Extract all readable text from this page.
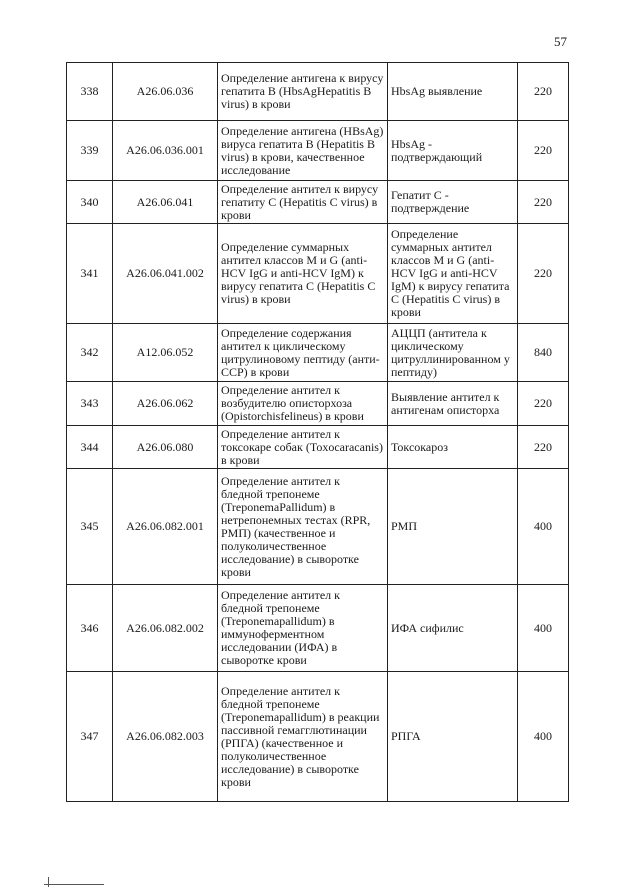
57
338	A26.06.036	Определение антигена к вирусу гепатита B (HbsAgHepatitis B virus) в крови	HbsAg выявление	220
339	A26.06.036.001	Определение антигена (HBsAg) вируса гепатита B (Hepatitis B virus) в крови, качественное исследование	HbsAg - подтверждающий	220
340	A26.06.041	Определение антител к вирусу гепатиту C (Hepatitis C virus) в крови	Гепатит С - подтверждение	220
341	A26.06.041.002	Определение суммарных антител классов M и G (anti-HCV IgG и anti-HCV IgM) к вирусу гепатита C (Hepatitis C virus) в крови	Определение суммарных антител классов M и G (anti-HCV IgG и anti-HCV IgM) к вирусу гепатита C (Hepatitis C virus) в крови	220
342	A12.06.052	Определение содержания антител к циклическому цитрулиновому пептиду (анти-CCP) в крови	АЦЦП (антитела к циклическому цитруллинированном у пептиду)	840
343	A26.06.062	Определение антител к возбудителю описторхоза (Opistorchisfelineus) в крови	Выявление антител к антигенам описторха	220
344	A26.06.080	Определение антител к токсокаре собак (Toxocaracanis) в крови	Токсокароз	220
345	A26.06.082.001	Определение антител к бледной трепонеме (TreponemaPallidum) в нетрепонемных тестах (RPR, РМП) (качественное и полуколичественное исследование) в сыворотке крови	РМП	400
346	A26.06.082.002	Определение антител к бледной трепонеме (Treponemapallidum) в иммуноферментном исследовании (ИФА) в сыворотке крови	ИФА сифилис	400
347	A26.06.082.003	Определение антител к бледной трепонеме (Treponemapallidum) в реакции пассивной гемагглютинации (РПГА) (качественное и полуколичественное исследование) в сыворотке крови	РПГА	400
